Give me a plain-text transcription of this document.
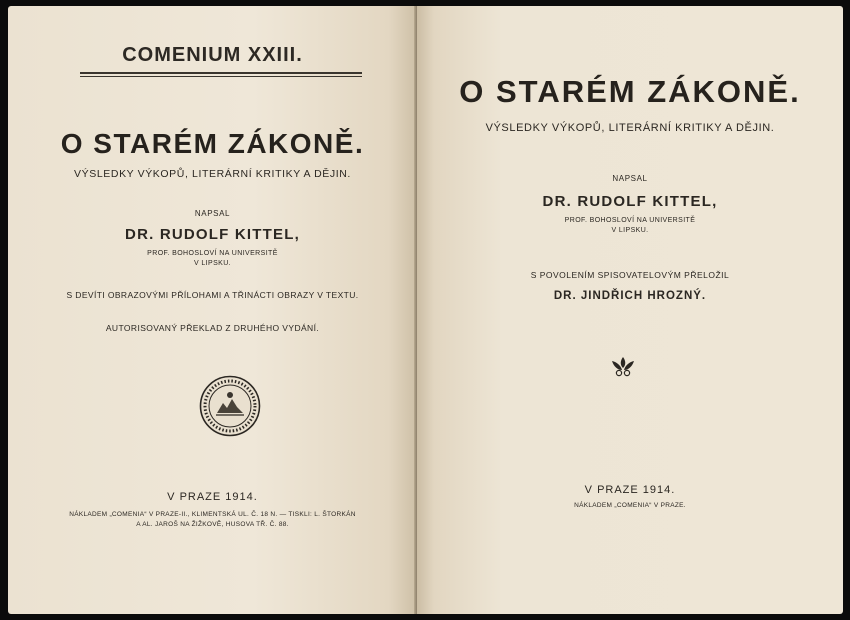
COMENIUM XXIII.
O STARÉM ZÁKONĚ.
VÝSLEDKY VÝKOPŮ, LITERÁRNÍ KRITIKY A DĚJIN.
NAPSAL
DR. RUDOLF KITTEL,
PROF. BOHOSLOVÍ NA UNIVERSITĚ
V LIPSKU.
S DEVÍTI OBRAZOVÝMI PŘÍLOHAMI A TŘINÁCTI OBRAZY V TEXTU.
AUTORISOVANÝ PŘEKLAD Z DRUHÉHO VYDÁNÍ.
V PRAZE 1914.
NÁKLADEM „COMENIA“ V PRAZE-II., KLIMENTSKÁ UL. Č. 18 N. — TISKLI: L. ŠTORKÁN
A AL. JAROŠ NA ŽIŽKOVĚ, HUSOVA TŘ. Č. 88.
O STARÉM ZÁKONĚ.
VÝSLEDKY VÝKOPŮ, LITERÁRNÍ KRITIKY A DĚJIN.
NAPSAL
DR. RUDOLF KITTEL,
PROF. BOHOSLOVÍ NA UNIVERSITĚ
V LIPSKU.
S POVOLENÍM SPISOVATELOVÝM PŘELOŽIL
DR. JINDŘICH HROZNÝ.
V PRAZE 1914.
NÁKLADEM „COMENIA“ V PRAZE.
